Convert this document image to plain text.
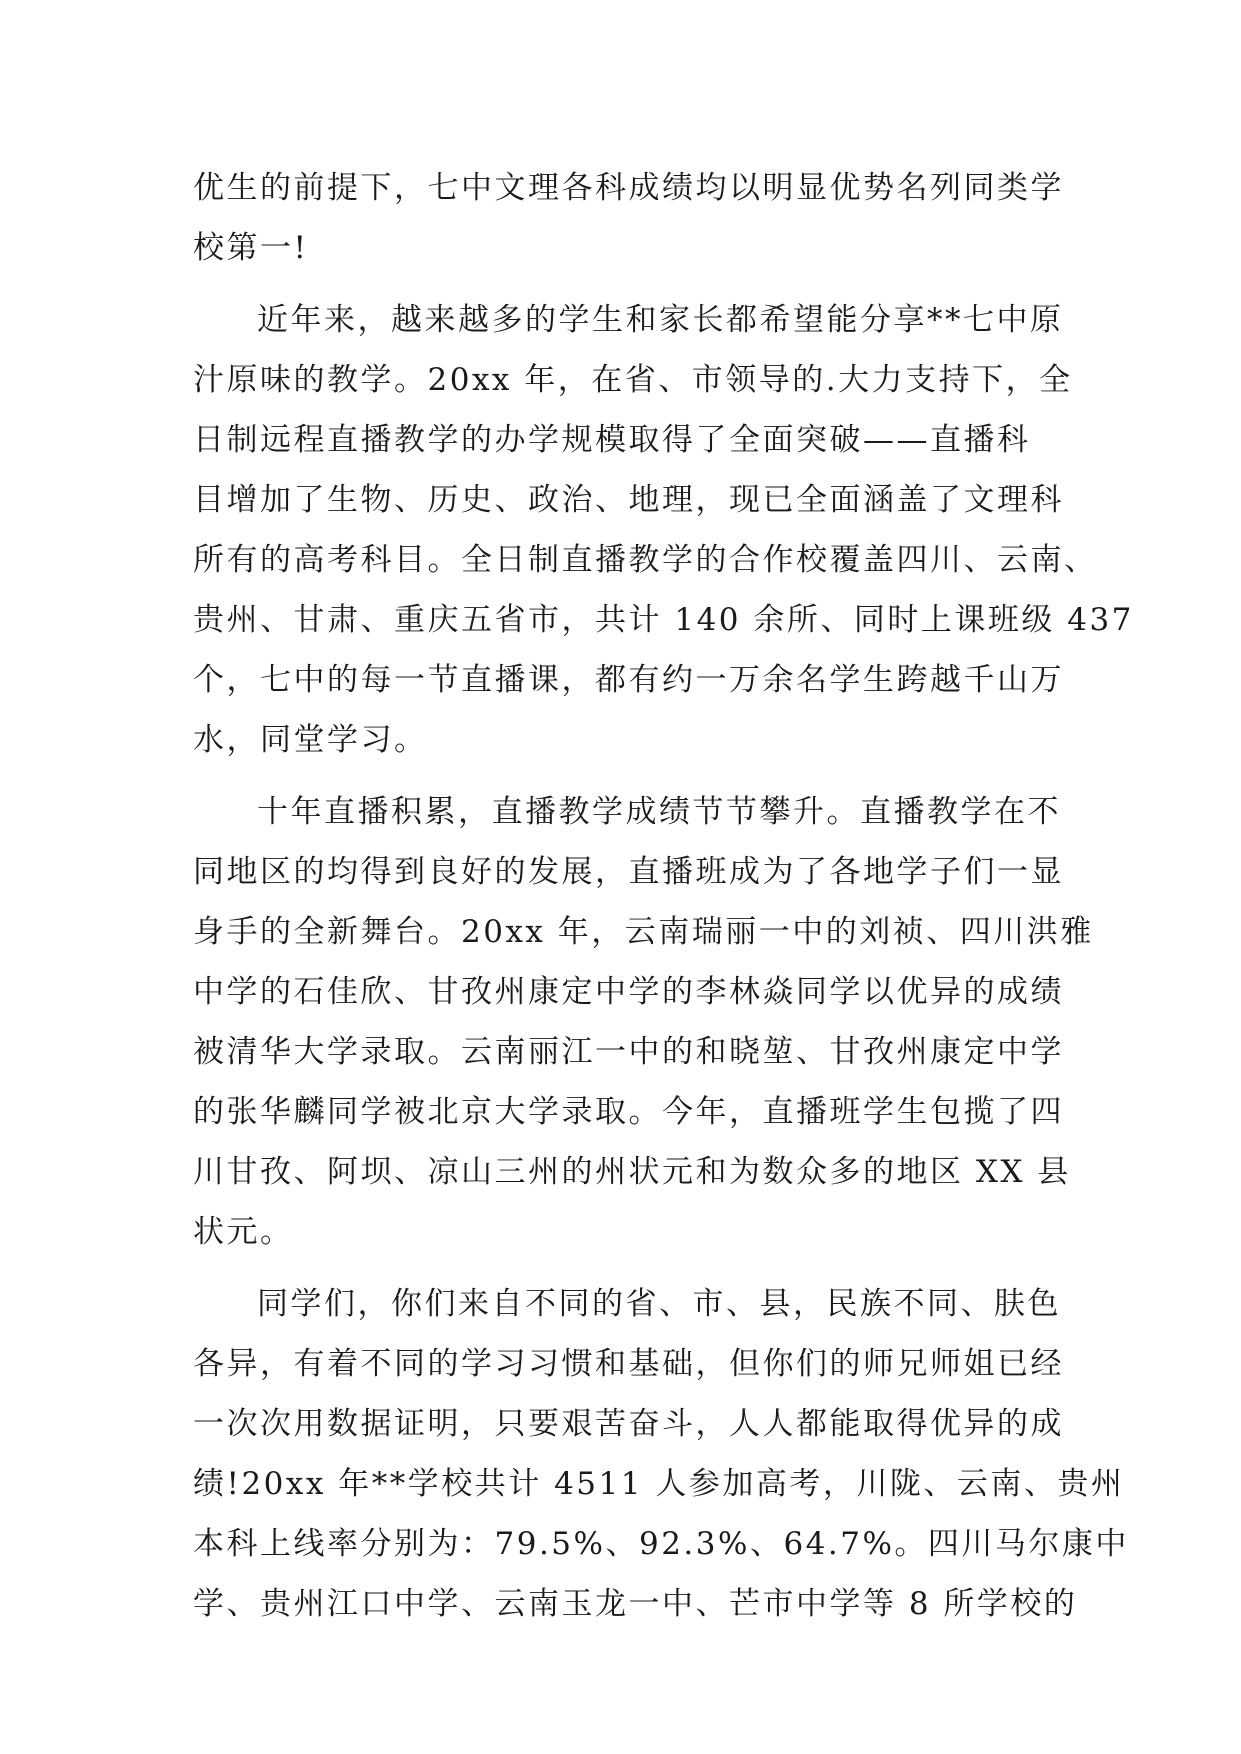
优生的前提下，七中文理各科成绩均以明显优势名列同类学
校第一!
近年来，越来越多的学生和家长都希望能分享**七中原
汁原味的教学。20xx 年，在省、市领导的.大力支持下，全
日制远程直播教学的办学规模取得了全面突破——直播科
目增加了生物、历史、政治、地理，现已全面涵盖了文理科
所有的高考科目。全日制直播教学的合作校覆盖四川、云南、
贵州、甘肃、重庆五省市，共计 140 余所、同时上课班级 437
个，七中的每一节直播课，都有约一万余名学生跨越千山万
水，同堂学习。
十年直播积累，直播教学成绩节节攀升。直播教学在不
同地区的均得到良好的发展，直播班成为了各地学子们一显
身手的全新舞台。20xx 年，云南瑞丽一中的刘祯、四川洪雅
中学的石佳欣、甘孜州康定中学的李林焱同学以优异的成绩
被清华大学录取。云南丽江一中的和晓堃、甘孜州康定中学
的张华麟同学被北京大学录取。今年，直播班学生包揽了四
川甘孜、阿坝、凉山三州的州状元和为数众多的地区 XX 县
状元。
同学们，你们来自不同的省、市、县，民族不同、肤色
各异，有着不同的学习习惯和基础，但你们的师兄师姐已经
一次次用数据证明，只要艰苦奋斗，人人都能取得优异的成
绩!20xx 年**学校共计 4511 人参加高考，川陇、云南、贵州
本科上线率分别为：79.5%、92.3%、64.7%。四川马尔康中
学、贵州江口中学、云南玉龙一中、芒市中学等 8 所学校的
